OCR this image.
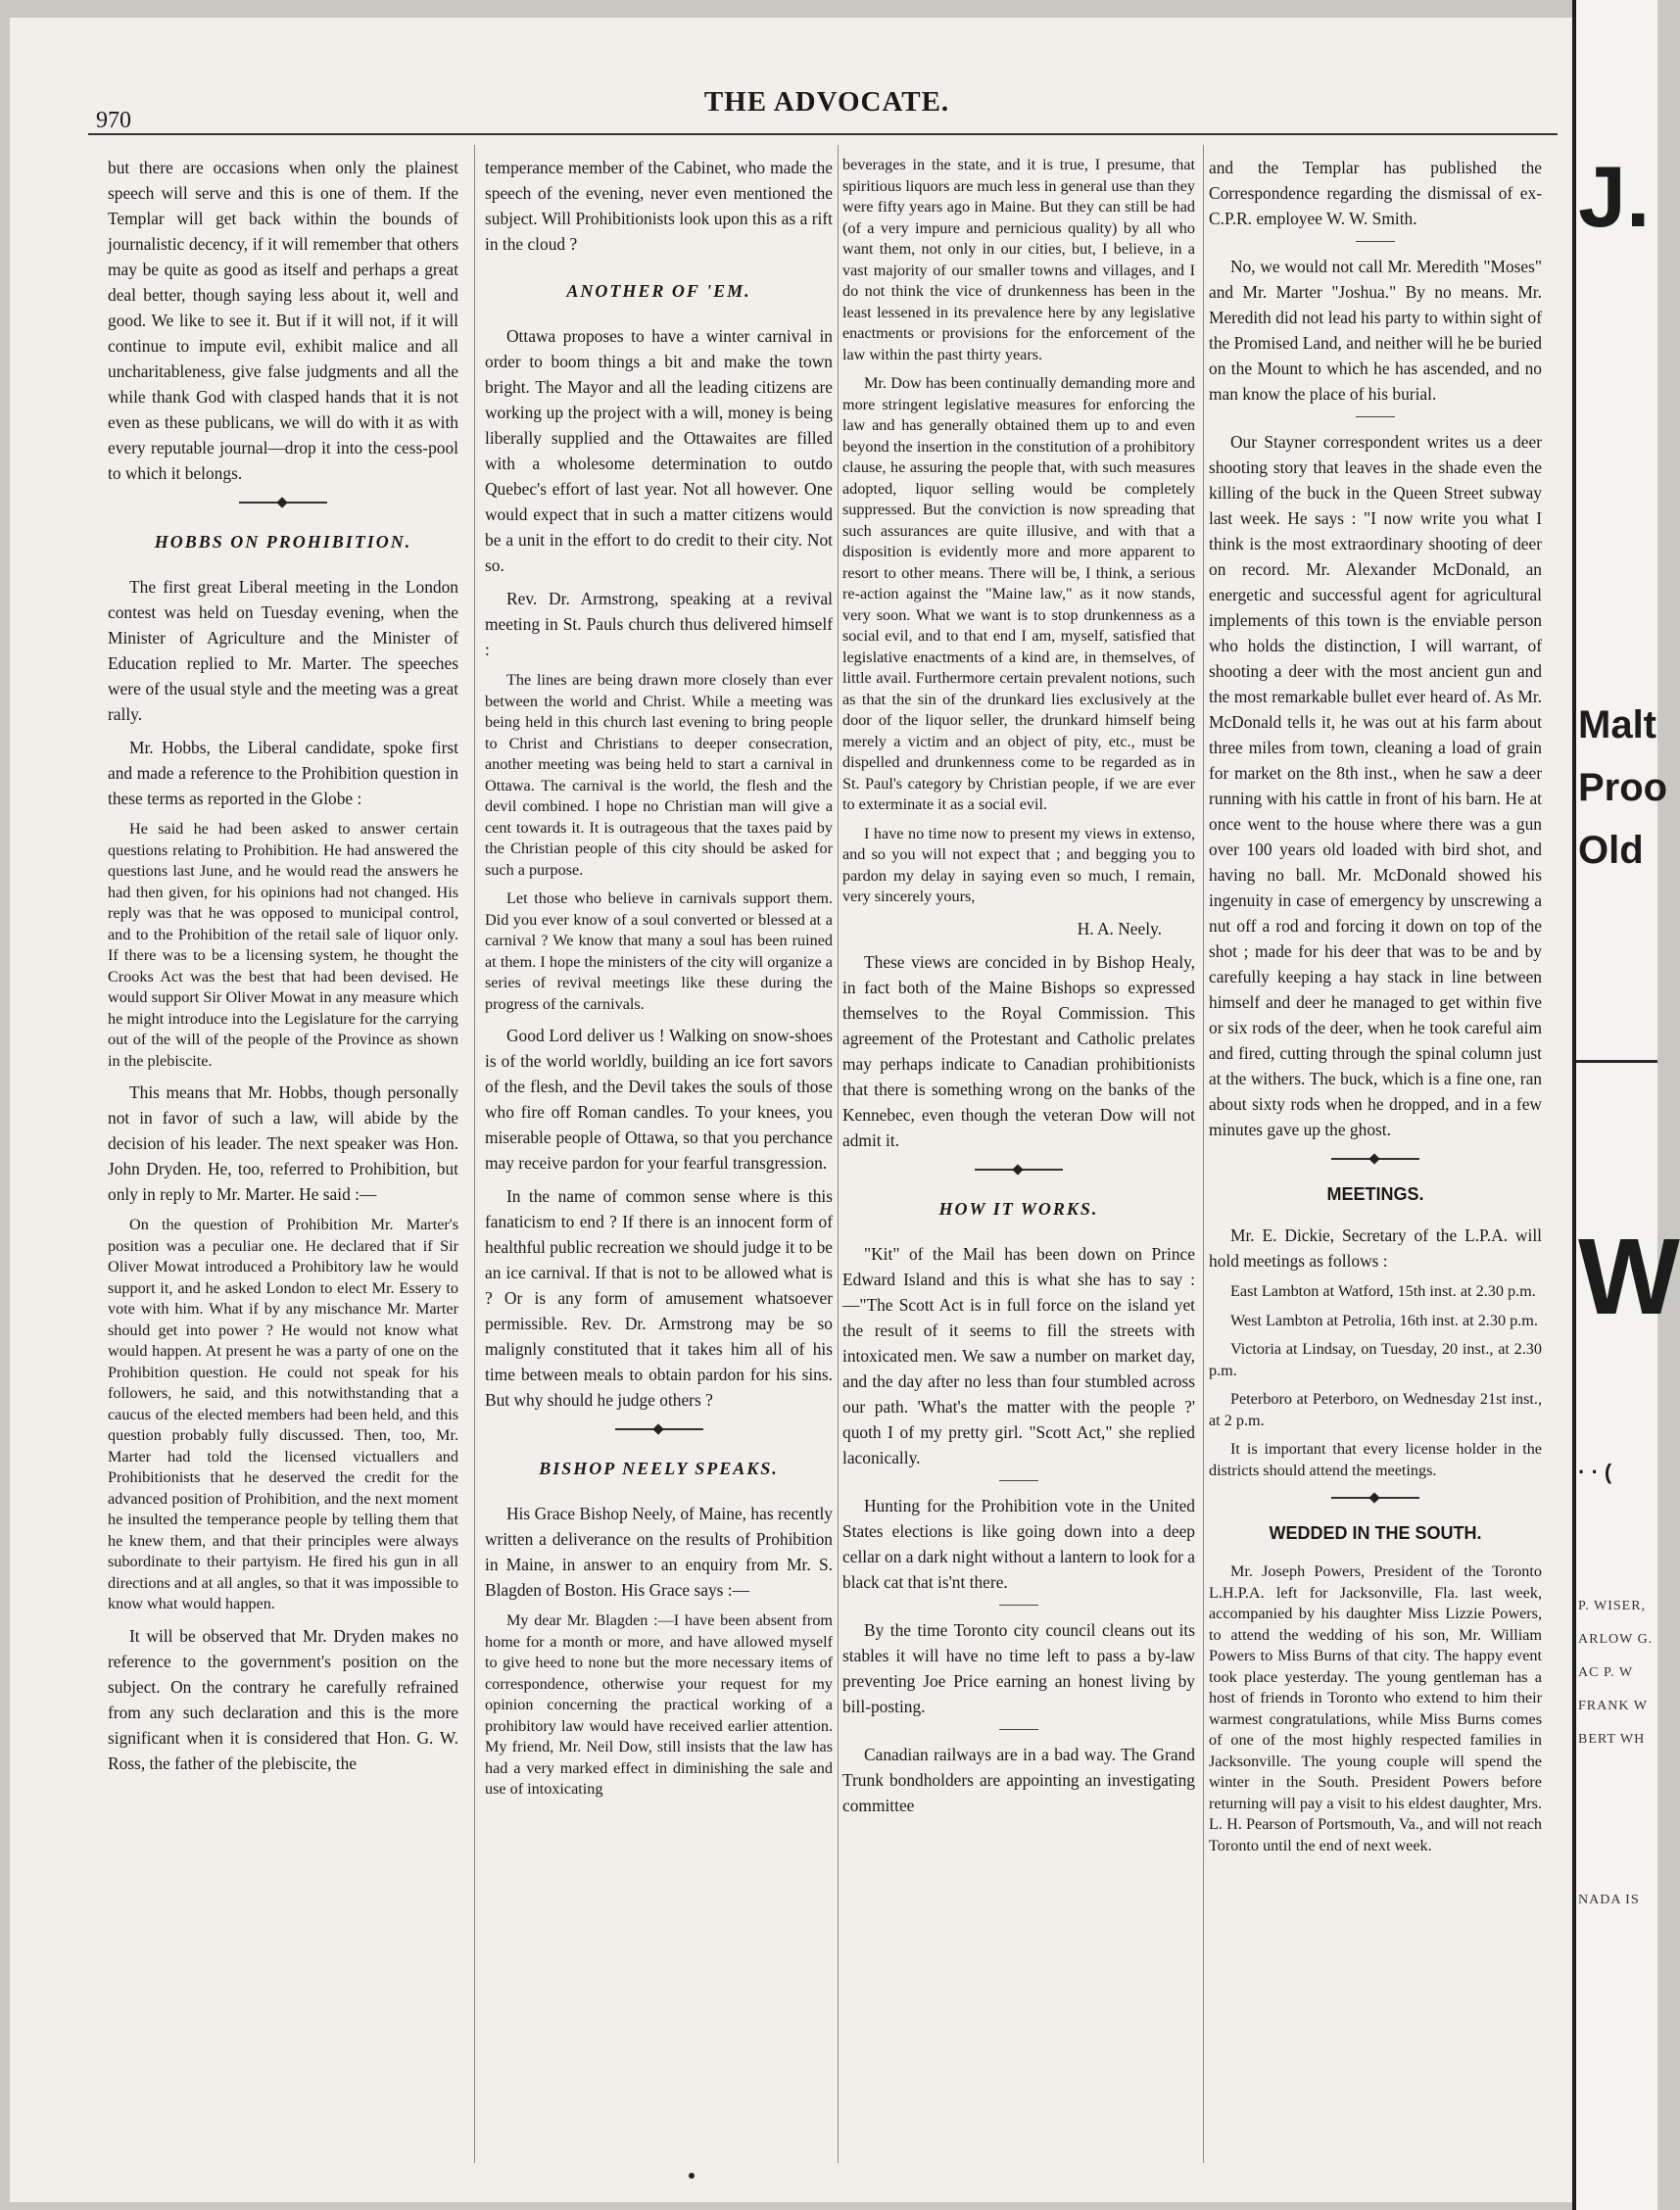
970
THE ADVOCATE.

but there are occasions when only the plainest speech will serve and this is one of them. If the Templar will get back within the bounds of journalistic decency, if it will remember that others may be quite as good as itself and perhaps a great deal better, though saying less about it, well and good. We like to see it. But if it will not, if it will continue to impute evil, exhibit malice and all uncharitableness, give false judgments and all the while thank God with clasped hands that it is not even as these publicans, we will do with it as with every reputable journal—drop it into the cess-pool to which it belongs.

HOBBS ON PROHIBITION.

The first great Liberal meeting in the London contest was held on Tuesday evening, when the Minister of Agriculture and the Minister of Education replied to Mr. Marter. The speeches were of the usual style and the meeting was a great rally.

Mr. Hobbs, the Liberal candidate, spoke first and made a reference to the Prohibition question in these terms as reported in the Globe :

He said he had been asked to answer certain questions relating to Prohibition. He had answered the questions last June, and he would read the answers he had then given, for his opinions had not changed. His reply was that he was opposed to municipal control, and to the Prohibition of the retail sale of liquor only. If there was to be a licensing system, he thought the Crooks Act was the best that had been devised. He would support Sir Oliver Mowat in any measure which he might introduce into the Legislature for the carrying out of the will of the people of the Province as shown in the plebiscite.

This means that Mr. Hobbs, though personally not in favor of such a law, will abide by the decision of his leader. The next speaker was Hon. John Dryden. He, too, referred to Prohibition, but only in reply to Mr. Marter. He said :—

On the question of Prohibition Mr. Marter's position was a peculiar one. He declared that if Sir Oliver Mowat introduced a Prohibitory law he would support it, and he asked London to elect Mr. Essery to vote with him. What if by any mischance Mr. Marter should get into power ? He would not know what would happen. At present he was a party of one on the Prohibition question. He could not speak for his followers, he said, and this notwithstanding that a caucus of the elected members had been held, and this question probably fully discussed. Then, too, Mr. Marter had told the licensed victuallers and Prohibitionists that he deserved the credit for the advanced position of Prohibition, and the next moment he insulted the temperance people by telling them that he knew them, and that their principles were always subordinate to their partyism. He fired his gun in all directions and at all angles, so that it was impossible to know what would happen.

It will be observed that Mr. Dryden makes no reference to the government's position on the subject. On the contrary he carefully refrained from any such declaration and this is the more significant when it is considered that Hon. G. W. Ross, the father of the plebiscite, the

temperance member of the Cabinet, who made the speech of the evening, never even mentioned the subject. Will Prohibitionists look upon this as a rift in the cloud ?

ANOTHER OF 'EM.

Ottawa proposes to have a winter carnival in order to boom things a bit and make the town bright. The Mayor and all the leading citizens are working up the project with a will, money is being liberally supplied and the Ottawaites are filled with a wholesome determination to outdo Quebec's effort of last year. Not all however. One would expect that in such a matter citizens would be a unit in the effort to do credit to their city. Not so.

Rev. Dr. Armstrong, speaking at a revival meeting in St. Pauls church thus delivered himself :

The lines are being drawn more closely than ever between the world and Christ. While a meeting was being held in this church last evening to bring people to Christ and Christians to deeper consecration, another meeting was being held to start a carnival in Ottawa. The carnival is the world, the flesh and the devil combined. I hope no Christian man will give a cent towards it. It is outrageous that the taxes paid by the Christian people of this city should be asked for such a purpose.

Let those who believe in carnivals support them. Did you ever know of a soul converted or blessed at a carnival ? We know that many a soul has been ruined at them. I hope the ministers of the city will organize a series of revival meetings like these during the progress of the carnivals.

Good Lord deliver us ! Walking on snow-shoes is of the world worldly, building an ice fort savors of the flesh, and the Devil takes the souls of those who fire off Roman candles. To your knees, you miserable people of Ottawa, so that you perchance may receive pardon for your fearful transgression.

In the name of common sense where is this fanaticism to end ? If there is an innocent form of healthful public recreation we should judge it to be an ice carnival. If that is not to be allowed what is ? Or is any form of amusement whatsoever permissible. Rev. Dr. Armstrong may be so malignly constituted that it takes him all of his time between meals to obtain pardon for his sins. But why should he judge others ?

BISHOP NEELY SPEAKS.

His Grace Bishop Neely, of Maine, has recently written a deliverance on the results of Prohibition in Maine, in answer to an enquiry from Mr. S. Blagden of Boston. His Grace says :—

My dear Mr. Blagden :—I have been absent from home for a month or more, and have allowed myself to give heed to none but the more necessary items of correspondence, otherwise your request for my opinion concerning the practical working of a prohibitory law would have received earlier attention. My friend, Mr. Neil Dow, still insists that the law has had a very marked effect in diminishing the sale and use of intoxicating

beverages in the state, and it is true, I presume, that spiritious liquors are much less in general use than they were fifty years ago in Maine. But they can still be had (of a very impure and pernicious quality) by all who want them, not only in our cities, but, I believe, in a vast majority of our smaller towns and villages, and I do not think the vice of drunkenness has been in the least lessened in its prevalence here by any legislative enactments or provisions for the enforcement of the law within the past thirty years.

Mr. Dow has been continually demanding more and more stringent legislative measures for enforcing the law and has generally obtained them up to and even beyond the insertion in the constitution of a prohibitory clause, he assuring the people that, with such measures adopted, liquor selling would be completely suppressed. But the conviction is now spreading that such assurances are quite illusive, and with that a disposition is evidently more and more apparent to resort to other means. There will be, I think, a serious re-action against the "Maine law," as it now stands, very soon. What we want is to stop drunkenness as a social evil, and to that end I am, myself, satisfied that legislative enactments of a kind are, in themselves, of little avail. Furthermore certain prevalent notions, such as that the sin of the drunkard lies exclusively at the door of the liquor seller, the drunkard himself being merely a victim and an object of pity, etc., must be dispelled and drunkenness come to be regarded as in St. Paul's category by Christian people, if we are ever to exterminate it as a social evil.

I have no time now to present my views in extenso, and so you will not expect that ; and begging you to pardon my delay in saying even so much, I remain, very sincerely yours,

H. A. Neely.

These views are concided in by Bishop Healy, in fact both of the Maine Bishops so expressed themselves to the Royal Commission. This agreement of the Protestant and Catholic prelates may perhaps indicate to Canadian prohibitionists that there is something wrong on the banks of the Kennebec, even though the veteran Dow will not admit it.

HOW IT WORKS.

"Kit" of the Mail has been down on Prince Edward Island and this is what she has to say :—"The Scott Act is in full force on the island yet the result of it seems to fill the streets with intoxicated men. We saw a number on market day, and the day after no less than four stumbled across our path. 'What's the matter with the people ?' quoth I of my pretty girl. "Scott Act," she replied laconically.

Hunting for the Prohibition vote in the United States elections is like going down into a deep cellar on a dark night without a lantern to look for a black cat that is'nt there.

By the time Toronto city council cleans out its stables it will have no time left to pass a by-law preventing Joe Price earning an honest living by bill-posting.

Canadian railways are in a bad way. The Grand Trunk bondholders are appointing an investigating committee

and the Templar has published the Correspondence regarding the dismissal of ex-C.P.R. employee W. W. Smith.

No, we would not call Mr. Meredith "Moses" and Mr. Marter "Joshua." By no means. Mr. Meredith did not lead his party to within sight of the Promised Land, and neither will he be buried on the Mount to which he has ascended, and no man know the place of his burial.

Our Stayner correspondent writes us a deer shooting story that leaves in the shade even the killing of the buck in the Queen Street subway last week. He says : "I now write you what I think is the most extraordinary shooting of deer on record. Mr. Alexander McDonald, an energetic and successful agent for agricultural implements of this town is the enviable person who holds the distinction, I will warrant, of shooting a deer with the most ancient gun and the most remarkable bullet ever heard of. As Mr. McDonald tells it, he was out at his farm about three miles from town, cleaning a load of grain for market on the 8th inst., when he saw a deer running with his cattle in front of his barn. He at once went to the house where there was a gun over 100 years old loaded with bird shot, and having no ball. Mr. McDonald showed his ingenuity in case of emergency by unscrewing a nut off a rod and forcing it down on top of the shot ; made for his deer that was to be and by carefully keeping a hay stack in line between himself and deer he managed to get within five or six rods of the deer, when he took careful aim and fired, cutting through the spinal column just at the withers. The buck, which is a fine one, ran about sixty rods when he dropped, and in a few minutes gave up the ghost.

MEETINGS.

Mr. E. Dickie, Secretary of the L.P.A. will hold meetings as follows :

East Lambton at Watford, 15th inst. at 2.30 p.m.

West Lambton at Petrolia, 16th inst. at 2.30 p.m.

Victoria at Lindsay, on Tuesday, 20 inst., at 2.30 p.m.

Peterboro at Peterboro, on Wednesday 21st inst., at 2 p.m.

It is important that every license holder in the districts should attend the meetings.

WEDDED IN THE SOUTH.

Mr. Joseph Powers, President of the Toronto L.H.P.A. left for Jacksonville, Fla. last week, accompanied by his daughter Miss Lizzie Powers, to attend the wedding of his son, Mr. William Powers to Miss Burns of that city. The happy event took place yesterday. The young gentleman has a host of friends in Toronto who extend to him their warmest congratulations, while Miss Burns comes of one of the most highly respected families in Jacksonville. The young couple will spend the winter in the South. President Powers before returning will pay a visit to his eldest daughter, Mrs. L. H. Pearson of Portsmouth, Va., and will not reach Toronto until the end of next week.

J.
Malt
Proo
Old
W
· · (
P. WISER,
ARLOW G.
AC P. W
FRANK W
BERT WH
NADA IS
